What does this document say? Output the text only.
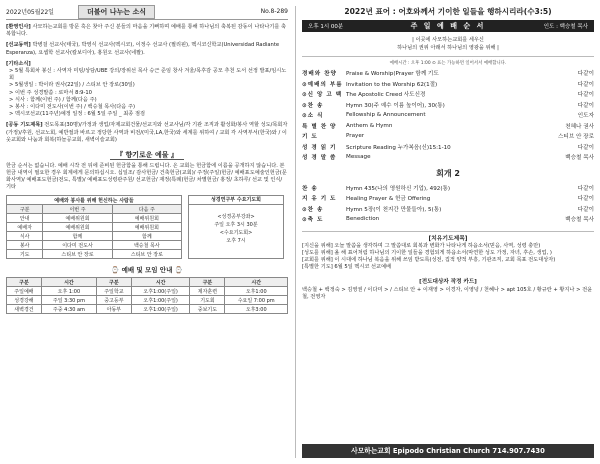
2022년05월22일	더불어 나누는 소식	No.8-289
[환영인사] 사모하는교회를 방문 혹은 찾아 주신 분들의 마음을 기뻐하며 예배를 통해 하나님의 축복된 감동이 나타나기를 축복합니다.
[선교동역] 박병걸 선교사(태국), 박영식 선교사(멕시코), 이정수 선교사 (필리핀), 멕시코신학교(Universidad Radiante Esperanza), 요셉학 선교사(칼보디아), 홍원오 선교사(네팔).
[기타소식]
> 5월 특회차 봉신 : 사역자 미팅/상담/UBE 강의/장위선 목사 승근 준임 창사 겨울/목후감 공모 추천 도서 선정 발표/임시노회
> 5월생일 : 박이라 권사(22일) / 스티브 안 장로(30일)
> 이번 주 성경말씀 : 로마서 8:9-10
> 식사 : 함께(이번 주) / 함께(다음 주)
> 봉사 : 이다미 전도사(이번 주) / 백승철 목사(다음 주)
> 멕시코선교(11주년)예정 일정 : 6월 5일 주일 _ 최종 점검
[공동 기도제목] 전도목표(30명)/가정과 생업/자제교회건물/선교지와 선교사님/각 기관 조직과 활성화/봉사 역할 성도/목회자(가정)/후원, 선교노회, 예반절과 바르고 정당한 사역과 비전/(미국,LA,한국)와 세계를 위하여 / 교회 각 사역부서(한국)와 / 이웃교회와 나눔과 회복(하늘공교회, 새벽이슬교회)
『 향기로운 예물 』
한금 순서는 없습니다. 예배 시작 전 뒤에 준비된 헌금함을 통해 드립니다. 온 교회는 헌금함에 이름을 공개하지 않습니다. 본 헌금 내역이 필요한 경우 회계에게 문의하십시오. 십일조/ 감사헌금/ 건축헌금(교회)/ 주정(주일)헌금/ 예배표도예술인헌금(문화사역)/ 예배표도헌금(전도, 특별)/ 예배표도성령관주원/ 선교헌금/ 재정(특례)헌금/ 차별헌금/ 홍정/ 초하루/ 선교 및 인식/ 기타
예배와 봉사를 위해 헌신하는 사람들		
구분	이번 주	다음 주
안내	예배위원회	예배위원회
예배자	예배위원회	예배위원회
식사	함께	함께
봉사	이다미 전도사	백승철 목사
기도	스티브 안 장로	스티브 안 장로
성경연구부 수요기도회
<성경공부강좌>
주일 오후 3시 30분
<수요기도회>
오후 7시
⌚ 예배 및 모임 안내 ⌚
구분	시간	구분	시간	구분	시간
주일예배	오후 1:00	주일학교	오후1:00(주일)	제자훈련	오후1:00
성경강해	주일 3:30 pm	중고등부	오후1:00(주일)	기도회	수요일 7:00 pm
새벽경건	주중 4:30 am	아동부	오후1:00(주일)	중보기도	오후3:00
2022년 표어 : 어호와께서 기이한 일들을 행하시리라(수3:5)
오후 1시 00분	주 일 예 배 순 서	인도 : 백승철 목사
| 이곳에 사모하는교회를 세우신
하나님의 권위 아래서 하나님의 영광을 위해 |
예배시간 : 오후 1:00 ⊙ 표는 가능하면 일어서서 예배합니다.
경배와 찬양	Praise & Worship(Prayer 함께 기도	다같이
⊙예배의 부름 Invitation to the Worship 62(1절)	다같이
⊙신 앙 고 백 The Apostolic Creed 사도신경	다같이
⊙찬 송	Hymn 30(주 예수 이름 높이어), 30(통)	다같이
⊙소 식	Fellowship & Announcement	인도자
특 별 찬 양	Anthem & Hymn	천혜나 권사
기 도	Prayer	스티브 안 장로
성 경 읽 기	Scripture Reading 누가복음(신)15:1-10	다같이
성 경 말 씀	Message	백승철 목사
회개 2
찬 송	Hymn 435(나의 영원하신 기업), 492(통)	다같이
지 유 기 도	Healing Prayer & 헌금 Offering	다같이
⊙찬 송	Hymn 5장(이 천지간 만물들아), 5(통)	다같이
⊙축 도	Benediction	백승철 목사
[치유기도제목]
[지신을 위해] 오늘 말씀을 생각하며 그 말씀대로 회복과 변화가 나타나게 하옵소서(믿음, 사역, 성령 충만)
[성도를 위해] 올 해 표어처럼 하나님의 기이한 일들을 경험되게 하옵소서(막연한 성도 가정, 자녀, 후손, 생업, )
[교회를 위해] 이 시대에 하나님 복음을 위해 쓰임 받도록(성전, 집적 양적 부흥, 기관조직, 교회 목표 전도대상자)
[특별한 기도] 6월 5일 멕시코 선교예배
[전도대상자 작정 카드]
백승철 + 백정숙 > 김영권 / 이다미 > / 스티브 안 + 이재영 > 이경자, 이영녕 / 천혜나 > apt 105호 / 황규란 + 황지나 > 전윤철, 전영자
사모하는교회 Epipodo Christian Church 714.907.7430
